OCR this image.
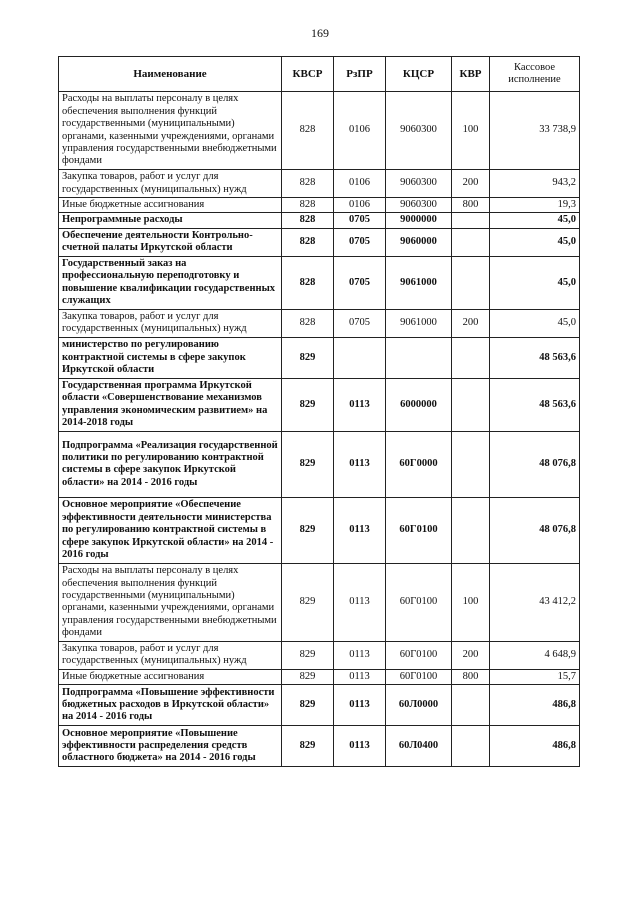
169
Наименование	КВСР	РзПР	КЦСР	КВР	Кассовое исполнение
Расходы на выплаты персоналу в целях обеспечения выполнения функций государственными (муниципальными) органами, казенными учреждениями, органами управления государственными внебюджетными фондами	828	0106	9060300	100	33 738,9
Закупка товаров, работ и услуг для государственных (муниципальных) нужд	828	0106	9060300	200	943,2
Иные бюджетные ассигнования	828	0106	9060300	800	19,3
Непрограммные расходы	828	0705	9000000		45,0
Обеспечение деятельности Контрольно-счетной палаты Иркутской области	828	0705	9060000		45,0
Государственный заказ на профессиональную переподготовку и повышение квалификации государственных служащих	828	0705	9061000		45,0
Закупка товаров, работ и услуг для государственных (муниципальных) нужд	828	0705	9061000	200	45,0
министерство по регулированию контрактной системы в сфере закупок Иркутской области	829				48 563,6
Государственная программа Иркутской области «Совершенствование механизмов управления экономическим развитием» на 2014-2018 годы	829	0113	6000000		48 563,6
Подпрограмма «Реализация государственной политики по регулированию контрактной системы в сфере закупок Иркутской области» на 2014 - 2016 годы	829	0113	60Г0000		48 076,8
Основное мероприятие «Обеспечение эффективности деятельности министерства по регулированию контрактной системы в сфере закупок Иркутской области» на 2014 - 2016 годы	829	0113	60Г0100		48 076,8
Расходы на выплаты персоналу в целях обеспечения выполнения функций государственными (муниципальными) органами, казенными учреждениями, органами управления государственными внебюджетными фондами	829	0113	60Г0100	100	43 412,2
Закупка товаров, работ и услуг для государственных (муниципальных) нужд	829	0113	60Г0100	200	4 648,9
Иные бюджетные ассигнования	829	0113	60Г0100	800	15,7
Подпрограмма «Повышение эффективности бюджетных расходов в Иркутской области» на 2014 - 2016 годы	829	0113	60Л0000		486,8
Основное мероприятие «Повышение эффективности распределения средств областного бюджета» на 2014 - 2016 годы	829	0113	60Л0400		486,8
